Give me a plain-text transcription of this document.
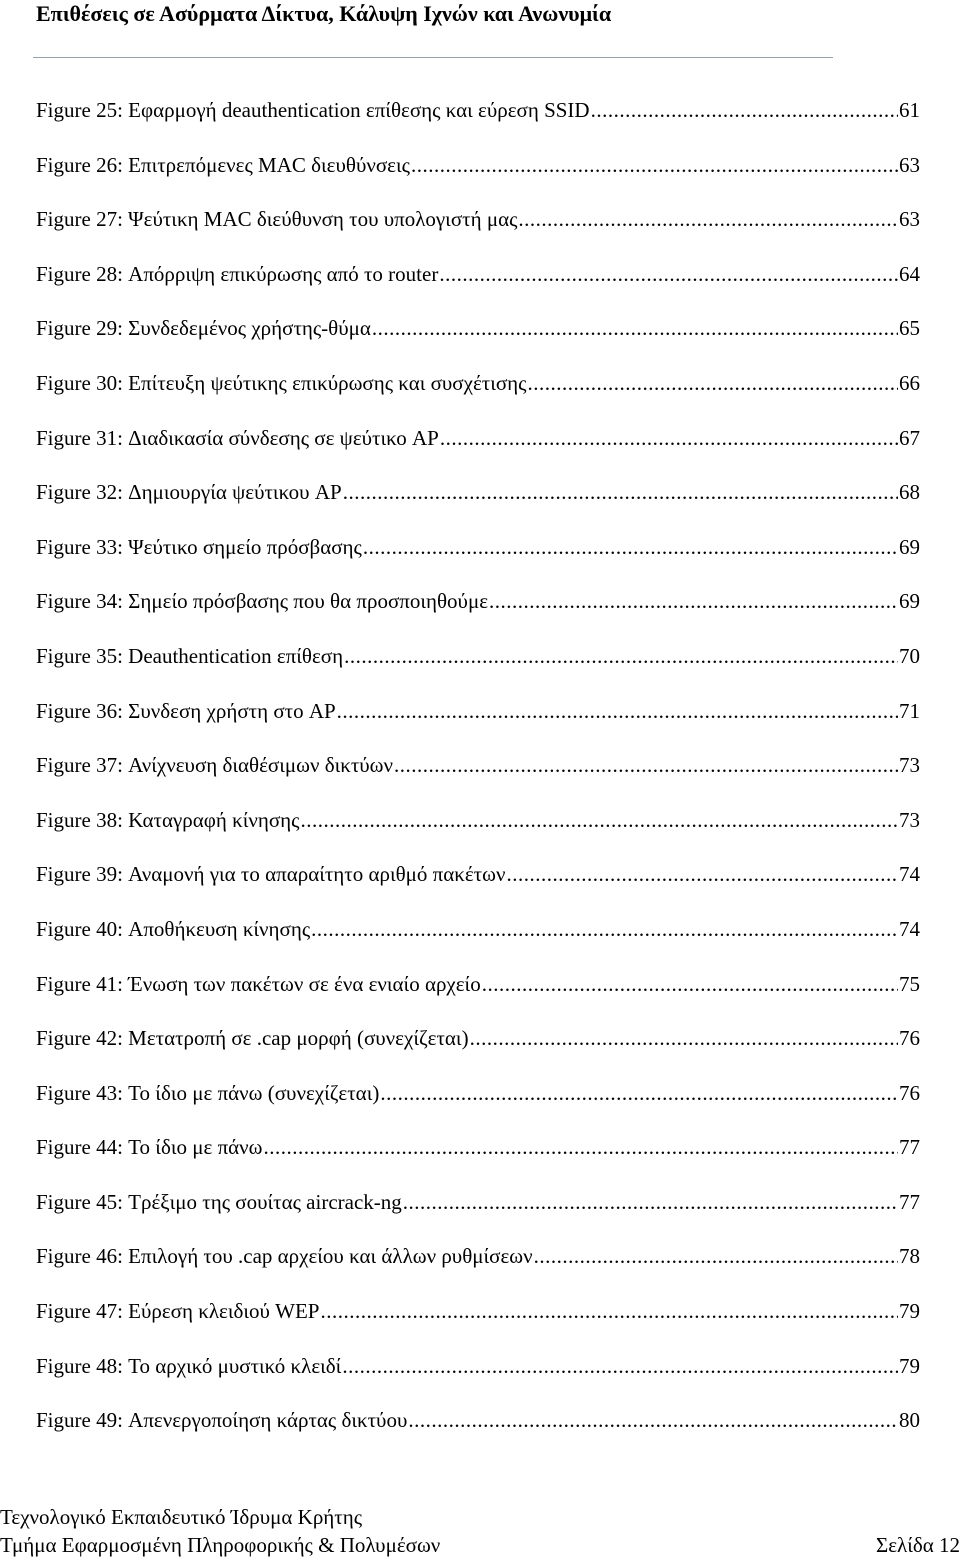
Επιθέσεις σε Ασύρματα Δίκτυα, Κάλυψη Ιχνών και Ανωνυμία
Figure 25: Εφαρμογή deauthentication επίθεσης και εύρεση SSID .....	61
Figure 26: Επιτρεπόμενες MAC διευθύνσεις .....	63
Figure 27: Ψεύτικη MAC διεύθυνση του υπολογιστή μας .....	63
Figure 28: Απόρριψη επικύρωσης από το router .....	64
Figure 29: Συνδεδεμένος χρήστης-θύμα .....	65
Figure 30: Επίτευξη ψεύτικης επικύρωσης και συσχέτισης .....	66
Figure 31: Διαδικασία σύνδεσης σε ψεύτικο AP .....	67
Figure 32: Δημιουργία ψεύτικου AP .....	68
Figure 33: Ψεύτικο σημείο πρόσβασης .....	69
Figure 34: Σημείο πρόσβασης που θα προσποιηθούμε .....	69
Figure 35: Deauthentication επίθεση .....	70
Figure 36: Συνδεση χρήστη στο AP .....	71
Figure 37: Ανίχνευση διαθέσιμων δικτύων .....	73
Figure 38: Καταγραφή κίνησης .....	73
Figure 39: Αναμονή για το απαραίτητο αριθμό πακέτων .....	74
Figure 40: Αποθήκευση κίνησης .....	74
Figure 41: Ένωση των πακέτων σε ένα ενιαίο αρχείο .....	75
Figure 42: Μετατροπή σε .cap μορφή (συνεχίζεται) .....	76
Figure 43: Το ίδιο με πάνω (συνεχίζεται) .....	76
Figure 44: Το ίδιο με πάνω .....	77
Figure 45: Τρέξιμο της σουίτας aircrack-ng .....	77
Figure 46: Επιλογή του .cap αρχείου και άλλων ρυθμίσεων .....	78
Figure 47: Εύρεση κλειδιού WEP .....	79
Figure 48: Το αρχικό μυστικό κλειδί .....	79
Figure 49: Απενεργοποίηση κάρτας δικτύου .....	80
Τεχνολογικό Εκπαιδευτικό Ίδρυμα Κρήτης
Τμήμα Εφαρμοσμένη Πληροφορικής & Πολυμέσων	Σελίδα 12
